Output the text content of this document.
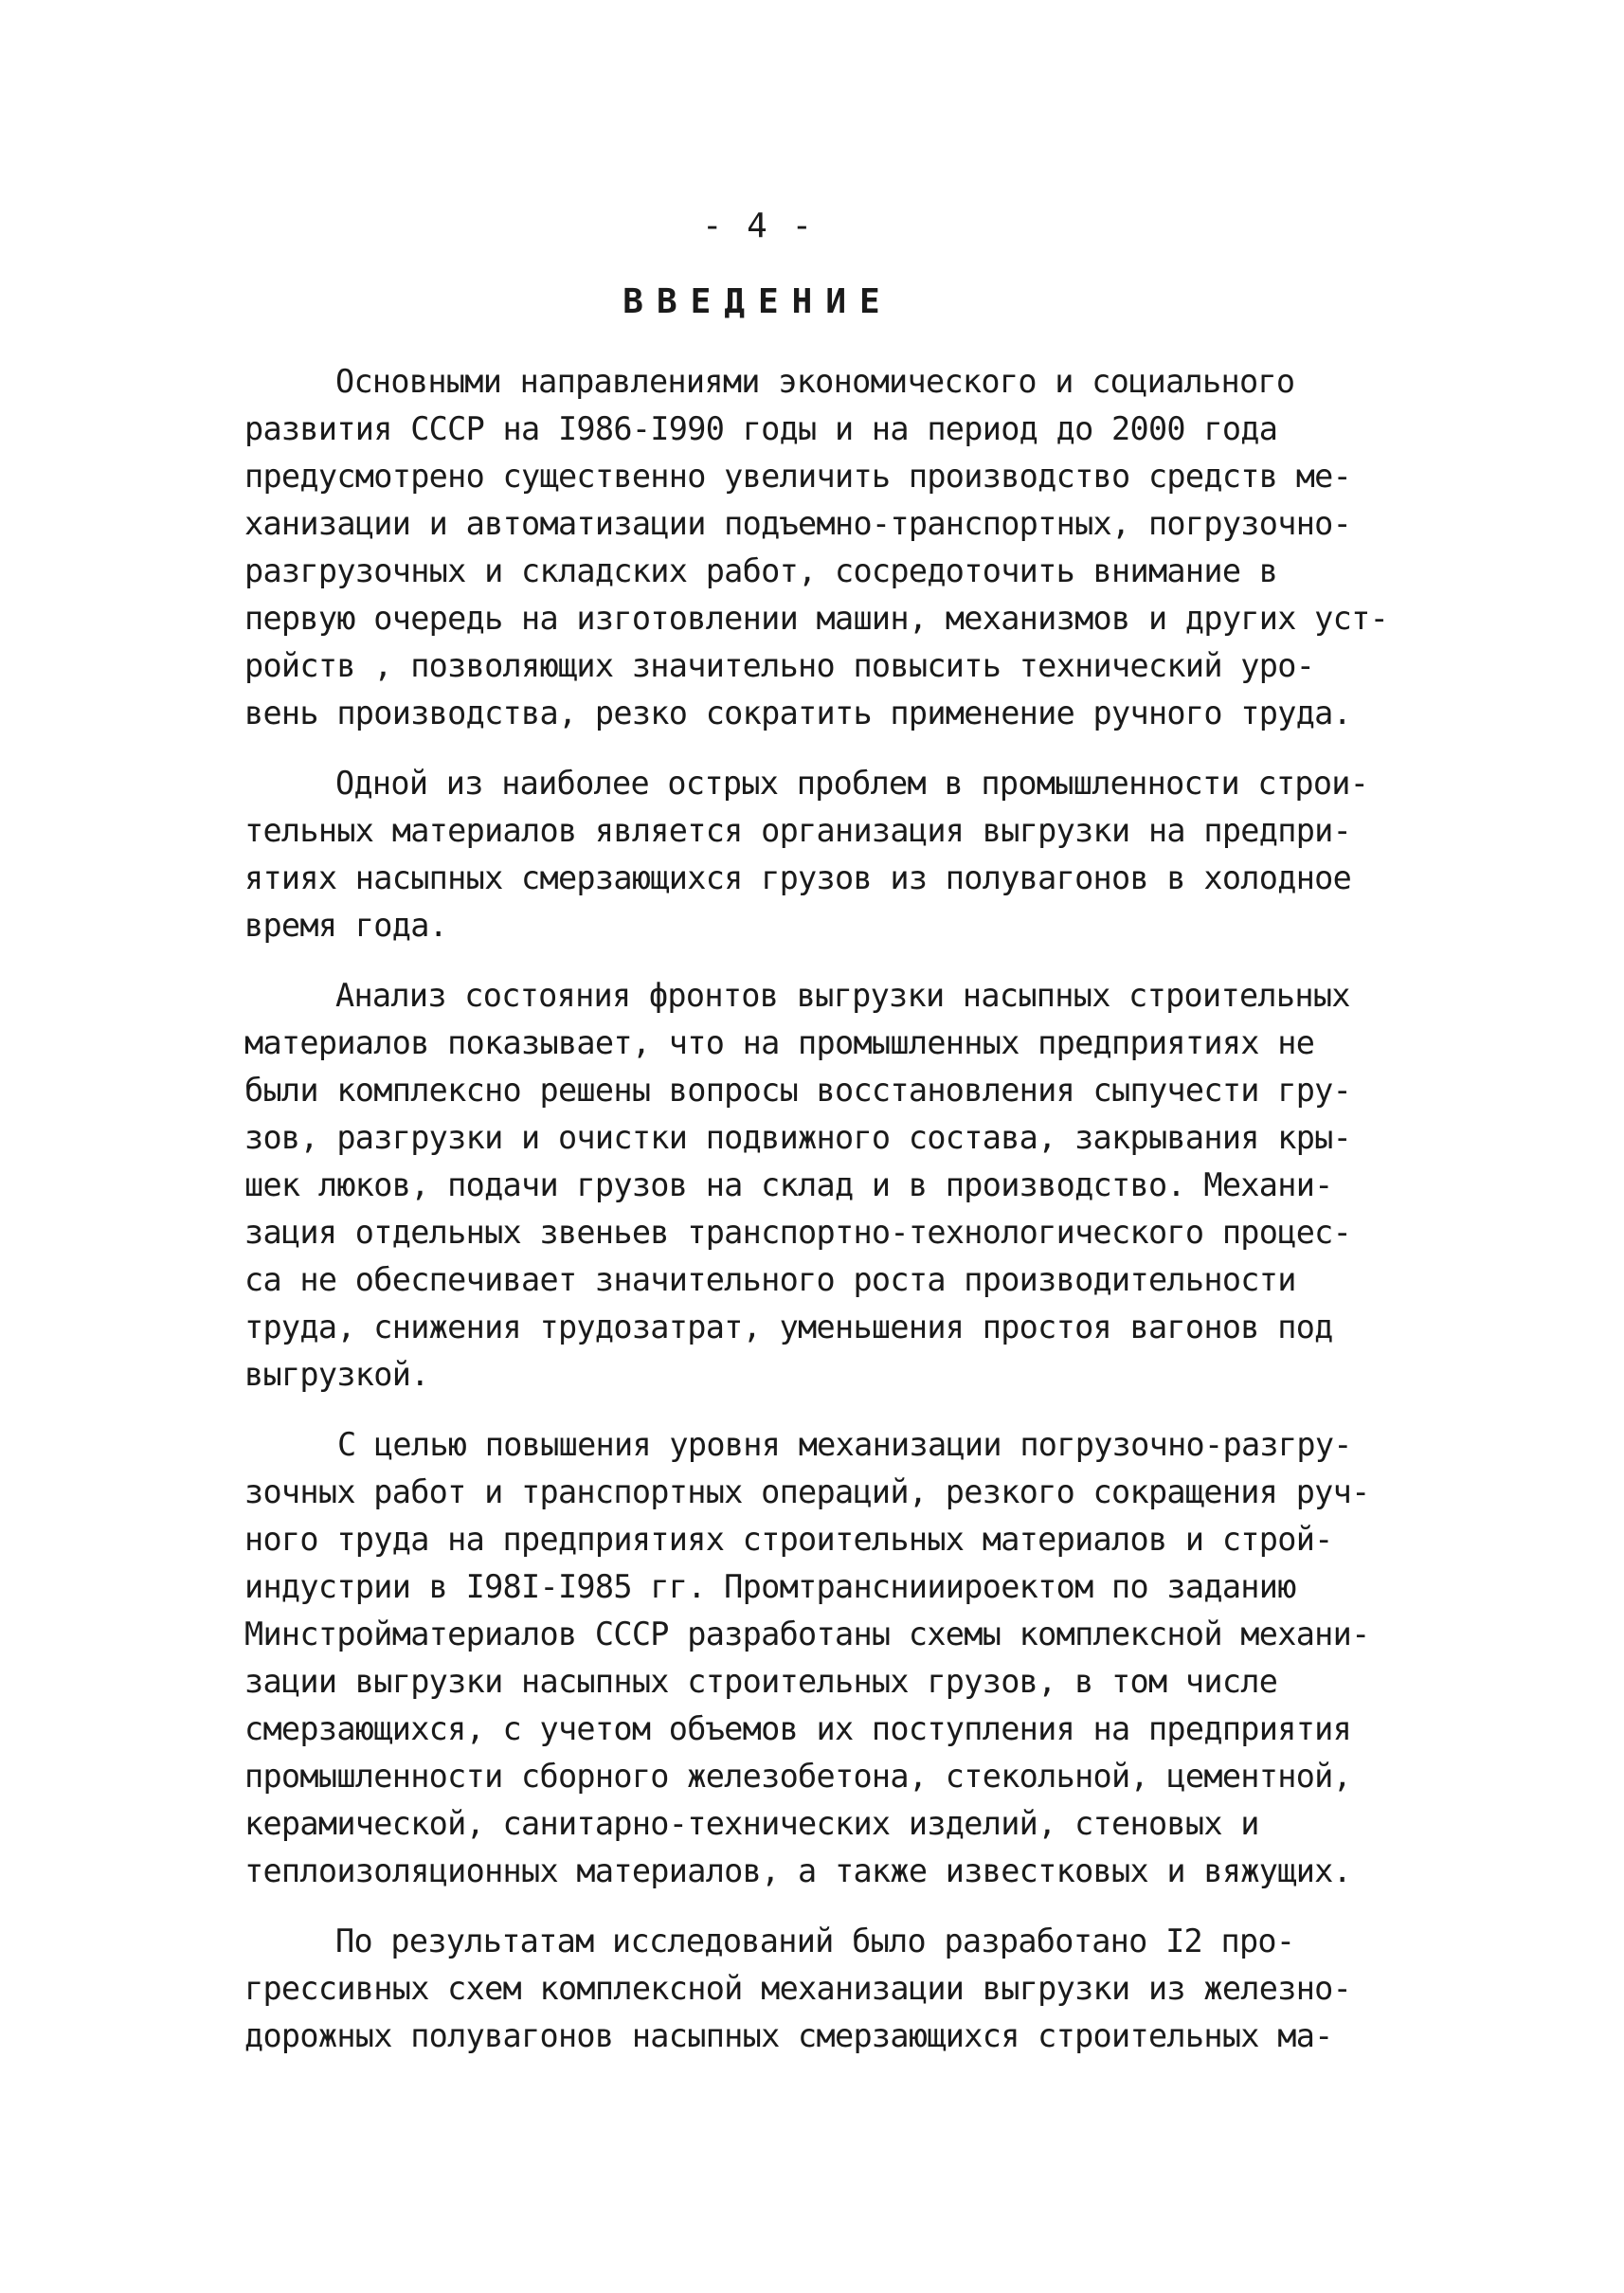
- 4 -
ВВЕДЕНИЕ
Основными направлениями экономического и социального
развития СССР на I986-I990 годы и на период до 2000 года
предусмотрено существенно увеличить производство средств ме-
ханизации и автоматизации подъемно-транспортных, погрузочно-
разгрузочных и складских работ, сосредоточить внимание в
первую очередь на изготовлении машин, механизмов и других уст-
ройств , позволяющих значительно повысить технический уро-
вень производства, резко сократить применение ручного труда.
Одной из наиболее острых проблем в промышленности строи-
тельных материалов является организация выгрузки на предпри-
ятиях насыпных смерзающихся грузов из полувагонов в холодное
время года.
Анализ состояния фронтов выгрузки насыпных строительных
материалов показывает, что на промышленных предприятиях не
были комплексно решены вопросы восстановления сыпучести гру-
зов, разгрузки и очистки подвижного состава, закрывания кры-
шек люков, подачи грузов на склад и в производство. Механи-
зация отдельных звеньев транспортно-технологического процес-
са не обеспечивает значительного роста производительности
труда, снижения трудозатрат, уменьшения простоя вагонов под
выгрузкой.
С целью повышения уровня механизации погрузочно-разгру-
зочных работ и транспортных операций, резкого сокращения руч-
ного труда на предприятиях строительных материалов и строй-
индустрии в I98I-I985 гг. Промтранснииироектом по заданию
Минстройматериалов СССР разработаны схемы комплексной механи-
зации выгрузки насыпных строительных грузов, в том числе
смерзающихся, с учетом объемов их поступления на предприятия
промышленности сборного железобетона, стекольной, цементной,
керамической, санитарно-технических изделий, стеновых и
теплоизоляционных материалов, а также известковых и вяжущих.
По результатам исследований было разработано I2 про-
грессивных схем комплексной механизации выгрузки из железно-
дорожных полувагонов насыпных смерзающихся строительных ма-
